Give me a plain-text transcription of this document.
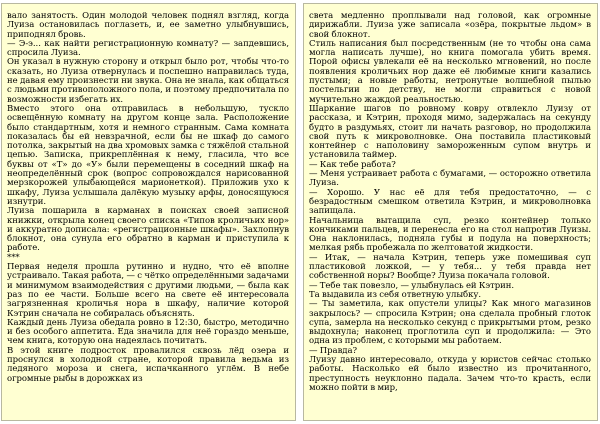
вало занятость. Один молодой человек поднял взгляд, когда Луиза остановилась поглазеть, и, ее заметно улыбнувшись, приподнял бровь.

— Э-э... как найти регистрационную комнату? — запдевшись, спросила Луиза.

Он указал в нужную сторону и открыл было рот, чтобы что-то сказать, но Луиза отвернулась и поспешно направилась туда, не давая ему произнести ни звука. Она не знала, как общаться с людьми противоположного пола, и поэтому предпочитала по возможности избегать их.

Вместо этого она отправилась в небольшую, тускло освещённую комнату на другом конце зала. Расположение было стандартным, хотя и немного странным. Сама комната показалась бы ей невзрачной, если бы не шкаф до самого потолка, закрытый на два хромовых замка с тяжёлой стальной цепью. Записка, прикреплённая к нему, гласила, что все буквы от «Т» до «У» были перемещены в соседний шкаф на неопределённый срок (вопрос сопровождался нарисованной мерзкорожей улыбающейся марионеткой). Приложив ухо к шкафу, Луиза услышала далёкую музыку арфы, доносящуюся изнутри.

Луиза пошарила в карманах в поисках своей записной книжки, открыла конец своего списка «Типов кроличьих нор» и аккуратно дописала: «регистрационные шкафы». Захлопнув блокнот, она сунула его обратно в карман и приступила к работе.

***

Первая неделя прошла рутинно и нудно, что её вполне устраивало. Такая работа, — с чётко определёнными задачами и минимумом взаимодействия с другими людьми, — была как раз по ее части. Больше всего на свете её интересовала загрязненная кроличья нора в шкафу, наличие которой Кэтрин сначала не собиралась объяснять.

Каждый день Луиза обедала ровно в 12:30, быстро, методично и без особого аппетита. Еда значила для неё гораздо меньше, чем книга, которую она надеялась почитать.

В этой книге подросток провалился сквозь лёд озера и проснулся в холодной стране, которой правила ведьма из ледяного мороза и снега, испачканного углём. В небе огромные рыбы в дорожках из

света медленно проплывали над головой, как огромные дирижабли. Луиза уже записала «озёра, покрытые льдом» в свой блокнот.

Стиль написания был посредственным (не то чтобы она сама могла написать лучше), но книга помогала убить время. Порой офисы увлекали её на несколько мгновений, но после появления кроличьих нор даже её любимые книги казались пустыми; а новые работы, нетронутые волшебной пылью постельгии по детству, не могли справиться с новой мучительно жаждой реальностью.

Шаркание шагов по ровному ковру отвлекло Луизу от рассказа, и Кэтрин, проходя мимо, задержалась на секунду будто в раздумьях, стоит ли начать разговор, но продолжила свой путь к микроволновке. Она поставила пластиковый контейнер с наполовину замороженным супом внутрь и установила таймер.

— Как тебе работа?

— Меня устраивает работа с бумагами, — осторожно ответила Луиза.

— Хорошо. У нас её для тебя предостаточно, — с безрадостным смешком ответила Кэтрин, и микроволновка запищала.

Начальница вытащила суп, резко контейнер только кончиками пальцев, и перенесла его на стол напротив Луизы. Она наклонилась, подняла губы и подула на поверхность; мелкая рябь пробежала по желтоватой жидкости.

— Итак, — начала Кэтрин, теперь уже помешивая суп пластиковой ложкой, — у тебя... у тебя правда нет собственной норы? Вообще? Луиза покачала головой.

— Тебе так повезло, — улыбнулась ей Кэтрин.

Та выдавила из себя ответную улыбку.

— Ты заметила, как опустели улицы? Как много магазинов закрылось? — спросила Кэтрин; она сделала пробный глоток супа, замерла на несколько секунд с прикрытыми ртом, резко выдохнула; наконец проглотила суп и продолжила: — Это одна из проблем, с которыми мы работаем.

— Правда?

Луизу давно интересовало, откуда у юристов сейчас столько работы. Насколько ей было известно из прочитанного, преступность неуклонно падала. Зачем что-то красть, если можно пойти в мир,
